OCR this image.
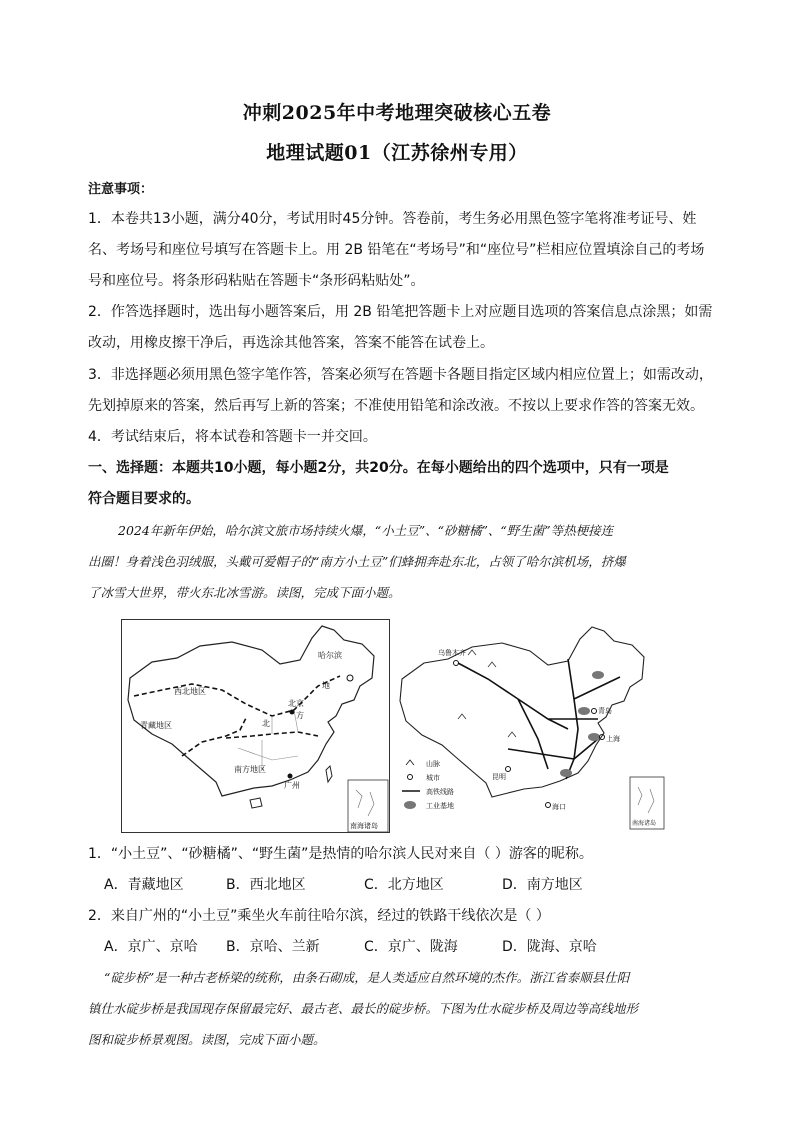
冲刺2025年中考地理突破核心五卷
地理试题01（江苏徐州专用）
注意事项：
1．本卷共13小题，满分40分，考试用时45分钟。答卷前，考生务必用黑色签字笔将准考证号、姓
名、考场号和座位号填写在答题卡上。用 2B 铅笔在“考场号”和“座位号”栏相应位置填涂自己的考场
号和座位号。将条形码粘贴在答题卡“条形码粘贴处”。
2．作答选择题时，选出每小题答案后，用 2B 铅笔把答题卡上对应题目选项的答案信息点涂黑；如需
改动，用橡皮擦干净后，再选涂其他答案，答案不能答在试卷上。
3．非选择题必须用黑色签字笔作答，答案必须写在答题卡各题目指定区域内相应位置上；如需改动，
先划掉原来的答案，然后再写上新的答案；不准使用铅笔和涂改液。不按以上要求作答的答案无效。
4．考试结束后，将本试卷和答题卡一并交回。
一、选择题：本题共10小题，每小题2分，共20分。在每小题给出的四个选项中，只有一项是
符合题目要求的。
2024年新年伊始，哈尔滨文旅市场持续火爆，“小土豆”、“砂糖橘”、“野生菌”等热梗接连
出圈！身着浅色羽绒服，头戴可爱帽子的“南方小土豆”们蜂拥奔赴东北，占领了哈尔滨机场，挤爆
了冰雪大世界，带火东北冰雪游。读图，完成下面小题。
哈尔滨
西北地区
青藏地区
南方地区
北京
方
北
地
广州
南海诸岛
乌鲁木齐
上海
青岛
昆明
海口
山脉
城市
高铁线路
工业基地
南海诸岛
1．“小土豆”、“砂糖橘”、“野生菌”是热情的哈尔滨人民对来自（ ）游客的昵称。
A．青藏地区	B．西北地区	C．北方地区	D．南方地区
2．来自广州的“小土豆”乘坐火车前往哈尔滨，经过的铁路干线依次是（ ）
A．京广、京哈 B．京哈、兰新	C．京广、陇海	D．陇海、京哈
“碇步桥”是一种古老桥梁的统称，由条石砌成，是人类适应自然环境的杰作。浙江省泰顺县仕阳
镇仕水碇步桥是我国现存保留最完好、最古老、最长的碇步桥。下图为仕水碇步桥及周边等高线地形
图和碇步桥景观图。读图，完成下面小题。
